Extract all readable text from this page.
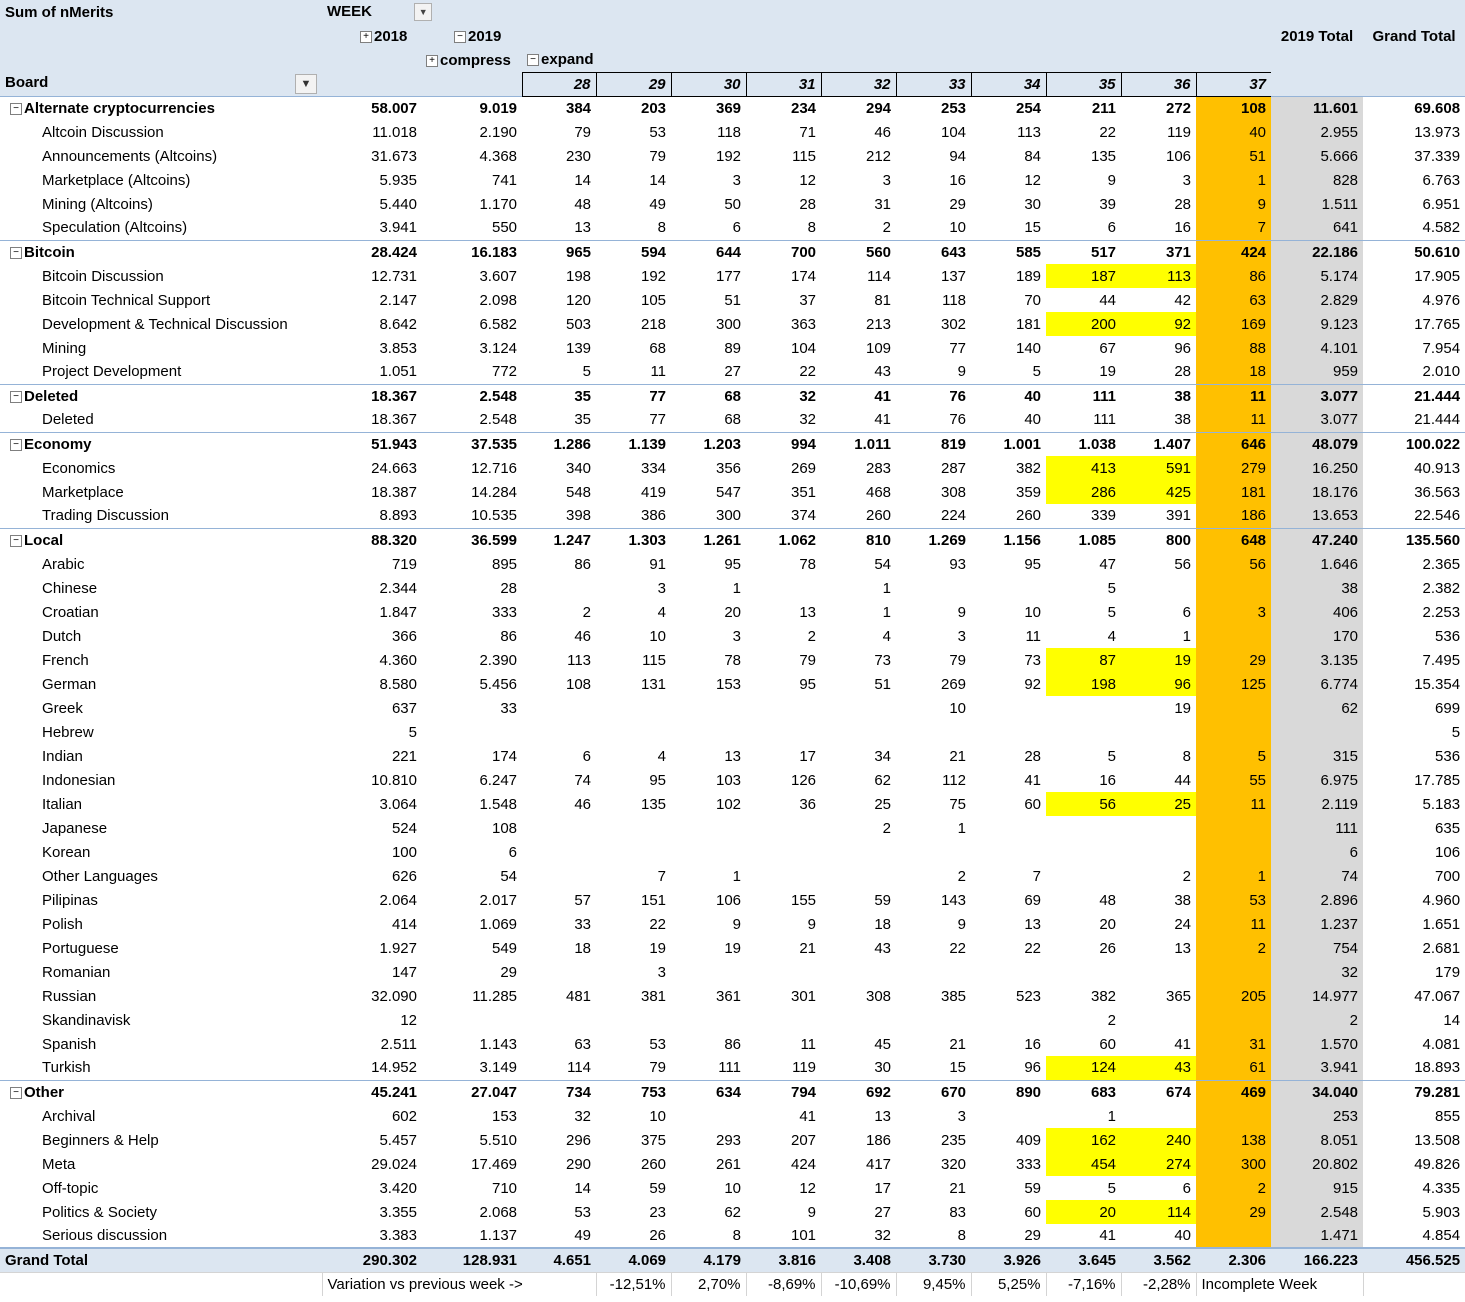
Sum of nMerits	WEEK ▼													
	+ 2018	− 2019											2019 Total	Grand Total
		+ compress	− expand											
Board ▼			28	29	30	31	32	33	34	35	36	37		
− Alternate cryptocurrencies	58.007	9.019	384	203	369	234	294	253	254	211	272	108	11.601	69.608
Altcoin Discussion	11.018	2.190	79	53	118	71	46	104	113	22	119	40	2.955	13.973
Announcements (Altcoins)	31.673	4.368	230	79	192	115	212	94	84	135	106	51	5.666	37.339
Marketplace (Altcoins)	5.935	741	14	14	3	12	3	16	12	9	3	1	828	6.763
Mining (Altcoins)	5.440	1.170	48	49	50	28	31	29	30	39	28	9	1.511	6.951
Speculation (Altcoins)	3.941	550	13	8	6	8	2	10	15	6	16	7	641	4.582
− Bitcoin	28.424	16.183	965	594	644	700	560	643	585	517	371	424	22.186	50.610
Bitcoin Discussion	12.731	3.607	198	192	177	174	114	137	189	187	113	86	5.174	17.905
Bitcoin Technical Support	2.147	2.098	120	105	51	37	81	118	70	44	42	63	2.829	4.976
Development & Technical Discussion	8.642	6.582	503	218	300	363	213	302	181	200	92	169	9.123	17.765
Mining	3.853	3.124	139	68	89	104	109	77	140	67	96	88	4.101	7.954
Project Development	1.051	772	5	11	27	22	43	9	5	19	28	18	959	2.010
− Deleted	18.367	2.548	35	77	68	32	41	76	40	111	38	11	3.077	21.444
Deleted	18.367	2.548	35	77	68	32	41	76	40	111	38	11	3.077	21.444
− Economy	51.943	37.535	1.286	1.139	1.203	994	1.011	819	1.001	1.038	1.407	646	48.079	100.022
Economics	24.663	12.716	340	334	356	269	283	287	382	413	591	279	16.250	40.913
Marketplace	18.387	14.284	548	419	547	351	468	308	359	286	425	181	18.176	36.563
Trading Discussion	8.893	10.535	398	386	300	374	260	224	260	339	391	186	13.653	22.546
− Local	88.320	36.599	1.247	1.303	1.261	1.062	810	1.269	1.156	1.085	800	648	47.240	135.560
Arabic	719	895	86	91	95	78	54	93	95	47	56	56	1.646	2.365
Chinese	2.344	28		3	1		1			5			38	2.382
Croatian	1.847	333	2	4	20	13	1	9	10	5	6	3	406	2.253
Dutch	366	86	46	10	3	2	4	3	11	4	1		170	536
French	4.360	2.390	113	115	78	79	73	79	73	87	19	29	3.135	7.495
German	8.580	5.456	108	131	153	95	51	269	92	198	96	125	6.774	15.354
Greek	637	33						10			19		62	699
Hebrew	5													5
Indian	221	174	6	4	13	17	34	21	28	5	8	5	315	536
Indonesian	10.810	6.247	74	95	103	126	62	112	41	16	44	55	6.975	17.785
Italian	3.064	1.548	46	135	102	36	25	75	60	56	25	11	2.119	5.183
Japanese	524	108					2	1					111	635
Korean	100	6											6	106
Other Languages	626	54		7	1			2	7		2	1	74	700
Pilipinas	2.064	2.017	57	151	106	155	59	143	69	48	38	53	2.896	4.960
Polish	414	1.069	33	22	9	9	18	9	13	20	24	11	1.237	1.651
Portuguese	1.927	549	18	19	19	21	43	22	22	26	13	2	754	2.681
Romanian	147	29		3									32	179
Russian	32.090	11.285	481	381	361	301	308	385	523	382	365	205	14.977	47.067
Skandinavisk	12									2			2	14
Spanish	2.511	1.143	63	53	86	11	45	21	16	60	41	31	1.570	4.081
Turkish	14.952	3.149	114	79	111	119	30	15	96	124	43	61	3.941	18.893
− Other	45.241	27.047	734	753	634	794	692	670	890	683	674	469	34.040	79.281
Archival	602	153	32	10		41	13	3		1			253	855
Beginners & Help	5.457	5.510	296	375	293	207	186	235	409	162	240	138	8.051	13.508
Meta	29.024	17.469	290	260	261	424	417	320	333	454	274	300	20.802	49.826
Off-topic	3.420	710	14	59	10	12	17	21	59	5	6	2	915	4.335
Politics & Society	3.355	2.068	53	23	62	9	27	83	60	20	114	29	2.548	5.903
Serious discussion	3.383	1.137	49	26	8	101	32	8	29	41	40		1.471	4.854
Grand Total	290.302	128.931	4.651	4.069	4.179	3.816	3.408	3.730	3.926	3.645	3.562	2.306	166.223	456.525
	Variation vs previous week ->			-12,51%	2,70%	-8,69%	-10,69%	9,45%	5,25%	-7,16%	-2,28%	Incomplete Week		
